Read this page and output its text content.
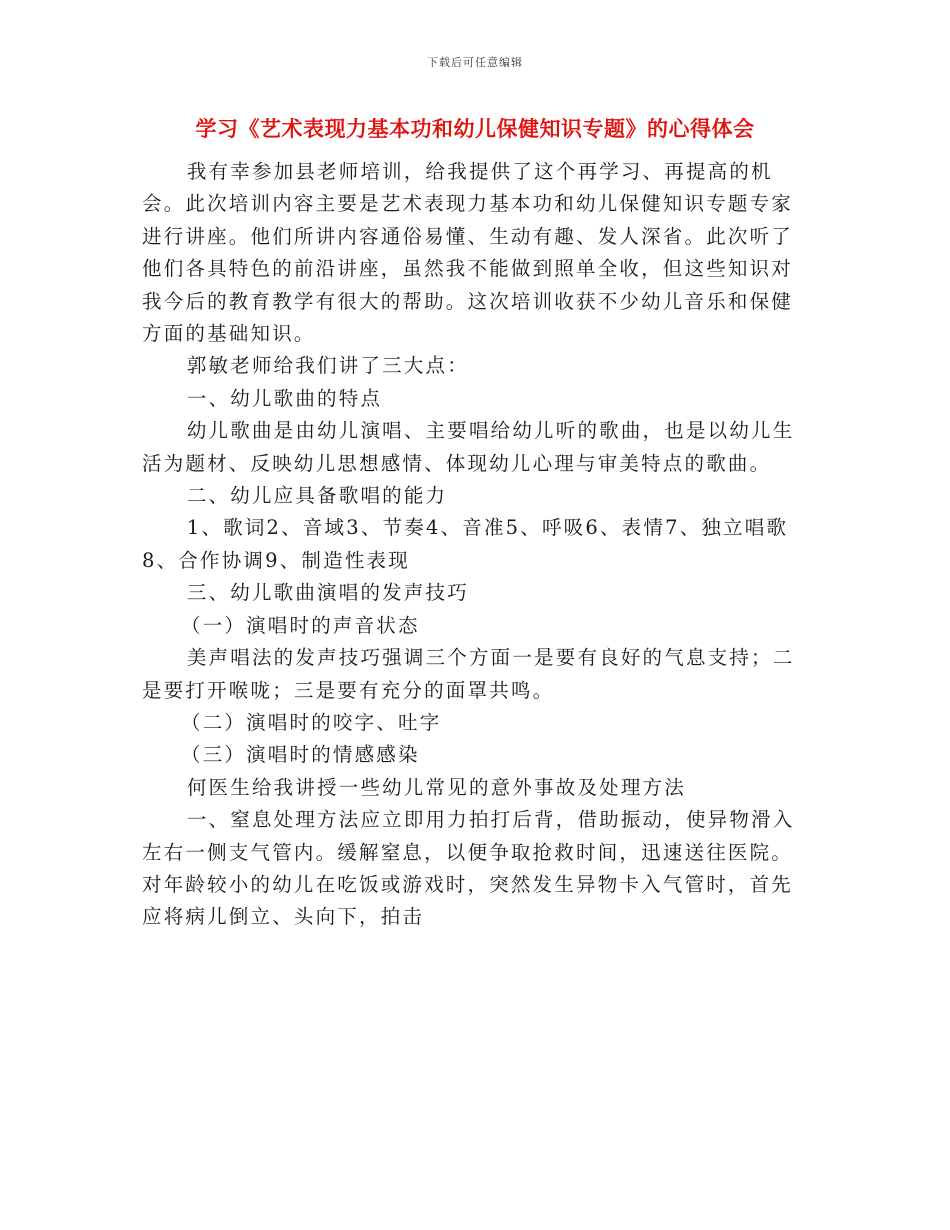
下载后可任意编辑
学习《艺术表现力基本功和幼儿保健知识专题》的心得体会

我有幸参加县老师培训，给我提供了这个再学习、再提高的机会。此次培训内容主要是艺术表现力基本功和幼儿保健知识专题专家进行讲座。他们所讲内容通俗易懂、生动有趣、发人深省。此次听了他们各具特色的前沿讲座，虽然我不能做到照单全收，但这些知识对我今后的教育教学有很大的帮助。这次培训收获不少幼儿音乐和保健方面的基础知识。

郭敏老师给我们讲了三大点：

一、幼儿歌曲的特点

幼儿歌曲是由幼儿演唱、主要唱给幼儿听的歌曲，也是以幼儿生活为题材、反映幼儿思想感情、体现幼儿心理与审美特点的歌曲。

二、幼儿应具备歌唱的能力

1、歌词2、音域3、节奏4、音准5、呼吸6、表情7、独立唱歌8、合作协调9、制造性表现

三、幼儿歌曲演唱的发声技巧

（一）演唱时的声音状态

美声唱法的发声技巧强调三个方面一是要有良好的气息支持；二是要打开喉咙；三是要有充分的面罩共鸣。

（二）演唱时的咬字、吐字

（三）演唱时的情感感染

何医生给我讲授一些幼儿常见的意外事故及处理方法

一、窒息处理方法应立即用力拍打后背，借助振动，使异物滑入左右一侧支气管内。缓解窒息，以便争取抢救时间，迅速送往医院。对年龄较小的幼儿在吃饭或游戏时，突然发生异物卡入气管时，首先应将病儿倒立、头向下，拍击
